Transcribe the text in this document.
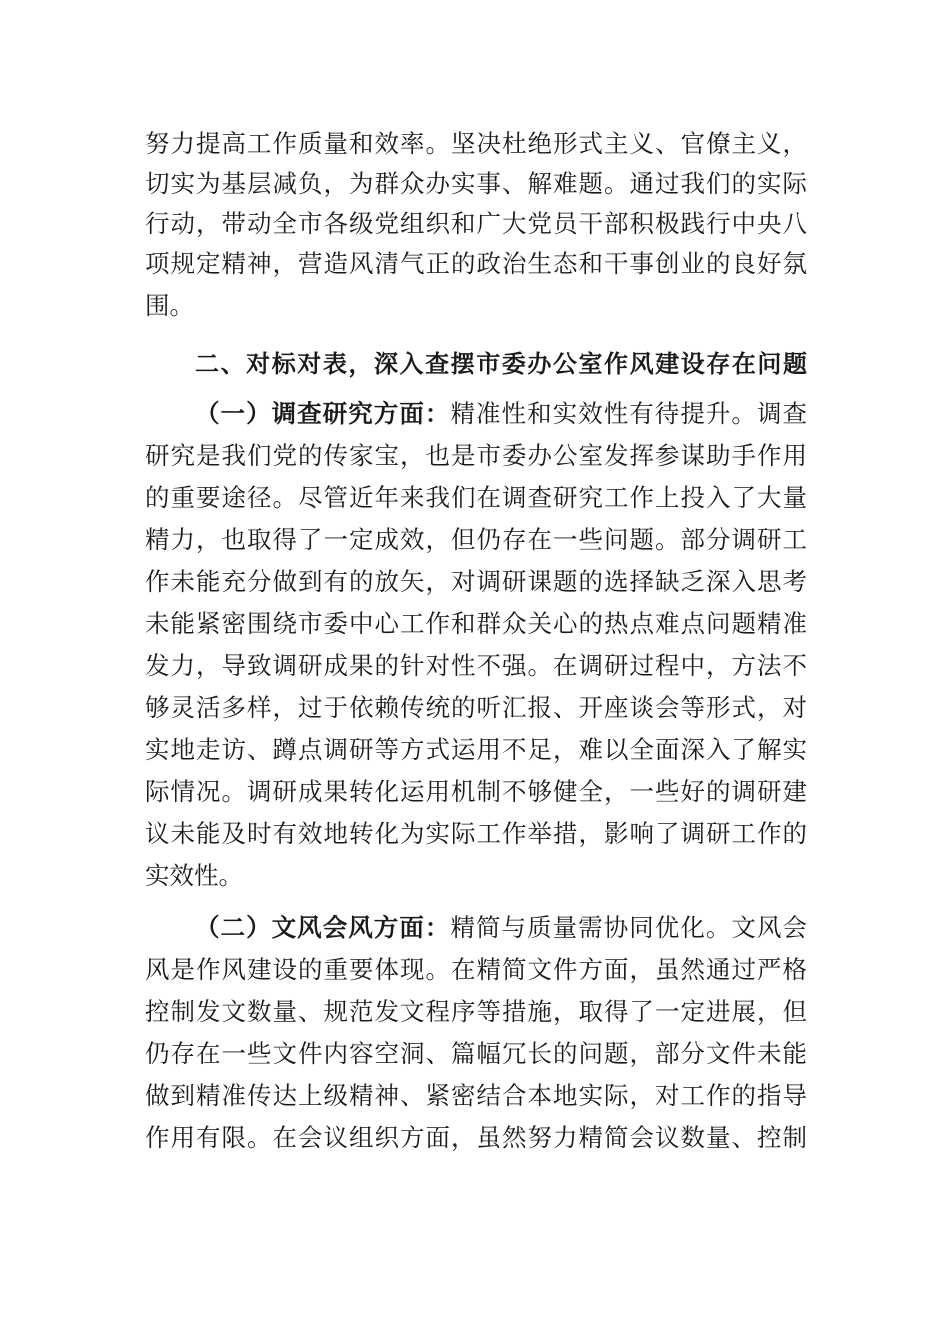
努力提高工作质量和效率。坚决杜绝形式主义、官僚主义，
切实为基层减负，为群众办实事、解难题。通过我们的实际
行动，带动全市各级党组织和广大党员干部积极践行中央八
项规定精神，营造风清气正的政治生态和干事创业的良好氛
围。
二、对标对表，深入查摆市委办公室作风建设存在问题
（一）调查研究方面：精准性和实效性有待提升。调查
研究是我们党的传家宝，也是市委办公室发挥参谋助手作用
的重要途径。尽管近年来我们在调查研究工作上投入了大量
精力，也取得了一定成效，但仍存在一些问题。部分调研工
作未能充分做到有的放矢，对调研课题的选择缺乏深入思考
未能紧密围绕市委中心工作和群众关心的热点难点问题精准
发力，导致调研成果的针对性不强。在调研过程中，方法不
够灵活多样，过于依赖传统的听汇报、开座谈会等形式，对
实地走访、蹲点调研等方式运用不足，难以全面深入了解实
际情况。调研成果转化运用机制不够健全，一些好的调研建
议未能及时有效地转化为实际工作举措，影响了调研工作的
实效性。
（二）文风会风方面：精简与质量需协同优化。文风会
风是作风建设的重要体现。在精简文件方面，虽然通过严格
控制发文数量、规范发文程序等措施，取得了一定进展，但
仍存在一些文件内容空洞、篇幅冗长的问题，部分文件未能
做到精准传达上级精神、紧密结合本地实际，对工作的指导
作用有限。在会议组织方面，虽然努力精简会议数量、控制
